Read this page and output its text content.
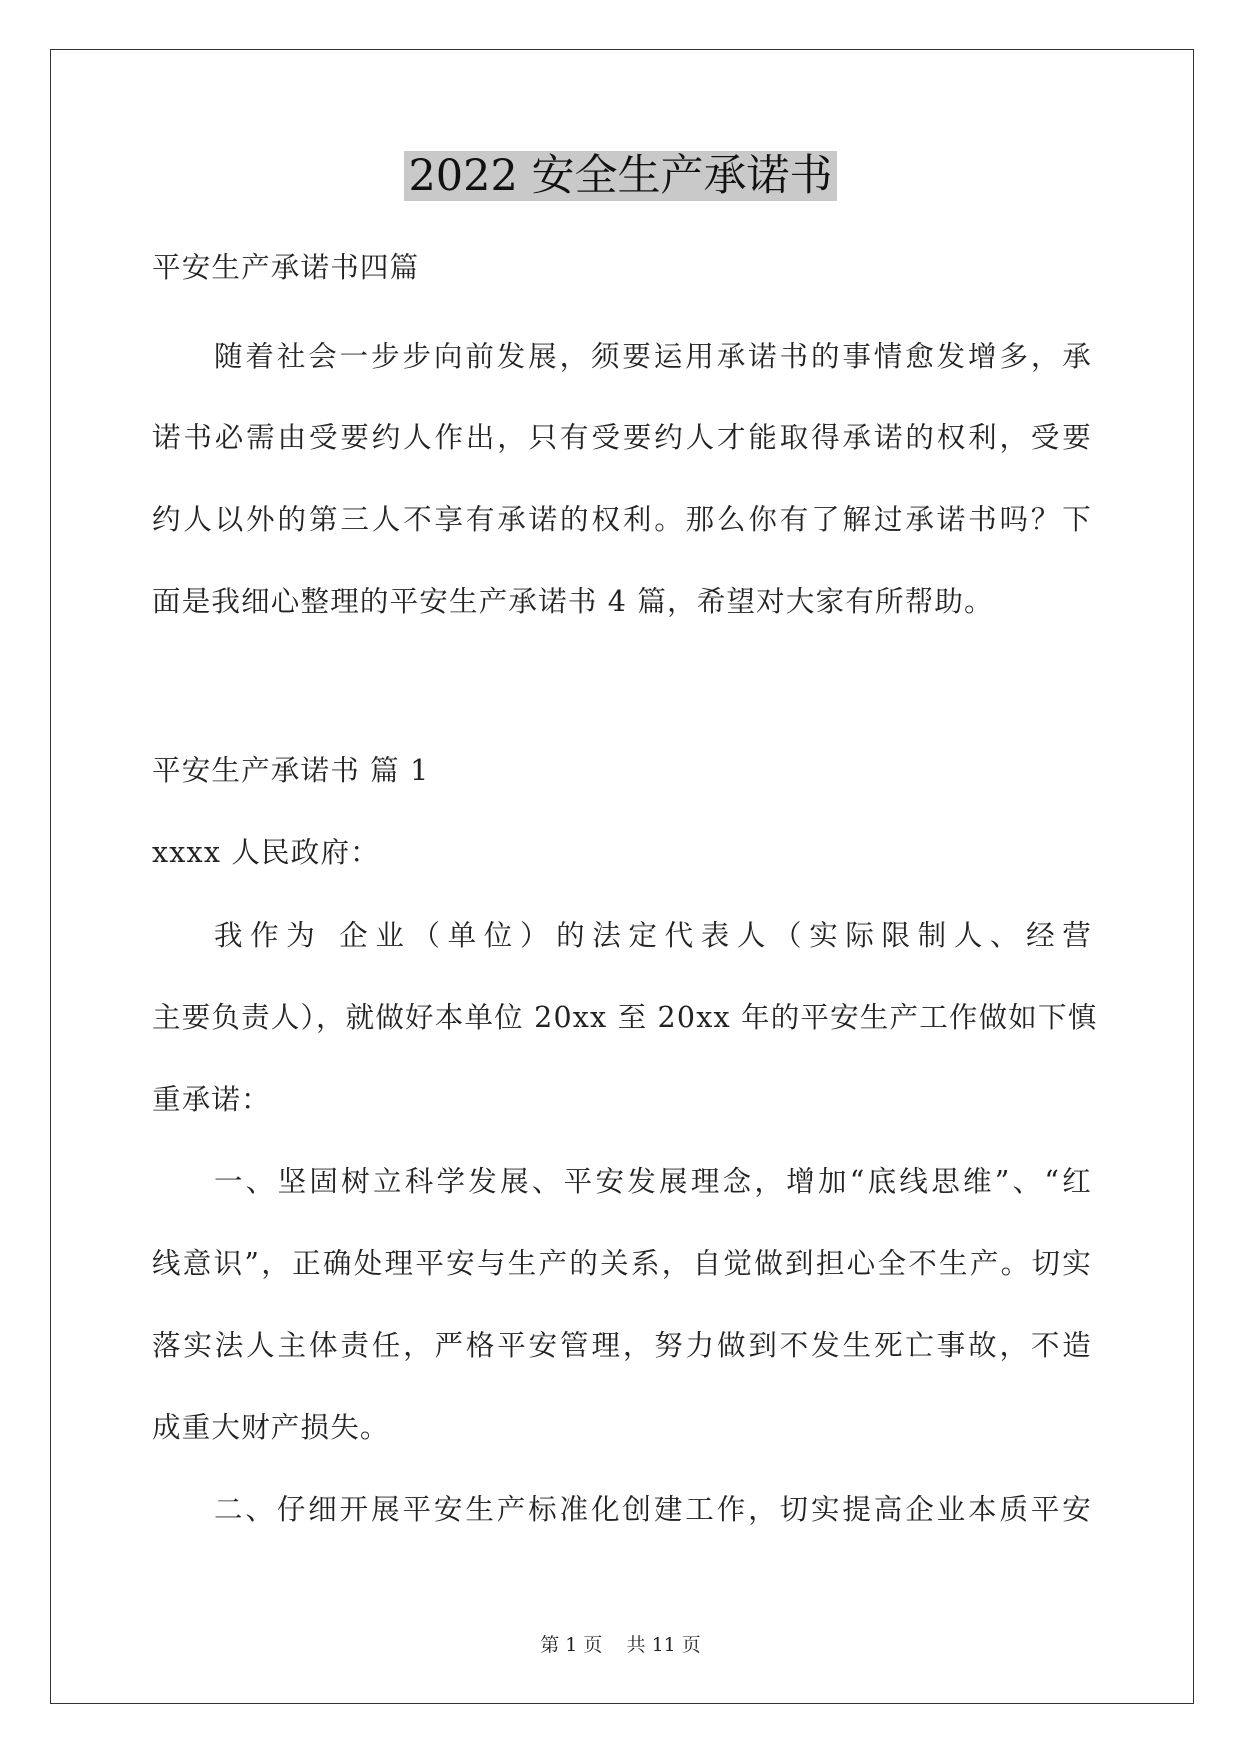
2022 安全生产承诺书
平安生产承诺书四篇
随着社会一步步向前发展，须要运用承诺书的事情愈发增多，承
诺书必需由受要约人作出，只有受要约人才能取得承诺的权利，受要
约人以外的第三人不享有承诺的权利。那么你有了解过承诺书吗？下
面是我细心整理的平安生产承诺书 4 篇，希望对大家有所帮助。
平安生产承诺书 篇 1
xxxx 人民政府：
我作为 企业（单位）的法定代表人（实际限制人、经营
主要负责人），就做好本单位 20xx 至 20xx 年的平安生产工作做如下慎
重承诺：
一、坚固树立科学发展、平安发展理念，增加“底线思维”、“红
线意识”，正确处理平安与生产的关系，自觉做到担心全不生产。切实
落实法人主体责任，严格平安管理，努力做到不发生死亡事故，不造
成重大财产损失。
二、仔细开展平安生产标准化创建工作，切实提高企业本质平安
第 1 页    共 11 页
